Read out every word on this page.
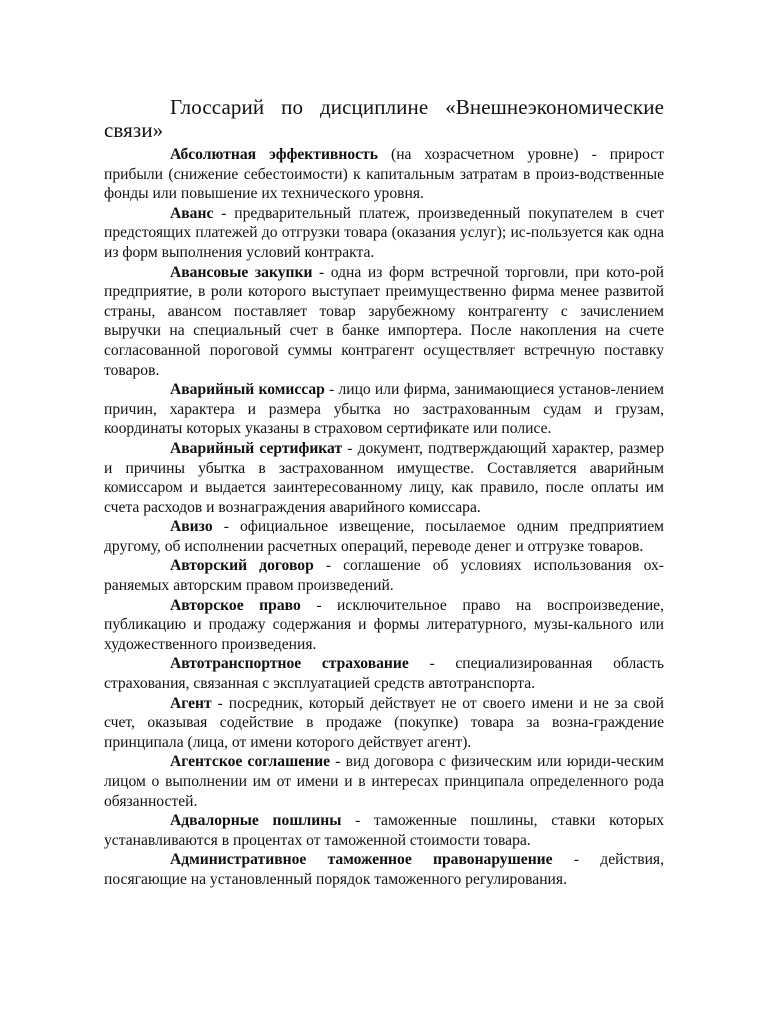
Глоссарий по дисциплине «Внешнеэкономические связи»

Абсолютная эффективность (на хозрасчетном уровне) - прирост прибыли (снижение себестоимости) к капитальным затратам в произ-водственные фонды или повышение их технического уровня.

Аванс - предварительный платеж, произведенный покупателем в счет предстоящих платежей до отгрузки товара (оказания услуг); ис-пользуется как одна из форм выполнения условий контракта.

Авансовые закупки - одна из форм встречной торговли, при кото-рой предприятие, в роли которого выступает преимущественно фирма менее развитой страны, авансом поставляет товар зарубежному контрагенту с зачислением выручки на специальный счет в банке импортера. После накопления на счете согласованной пороговой суммы контрагент осуществляет встречную поставку товаров.

Аварийный комиссар - лицо или фирма, занимающиеся установ-лением причин, характера и размера убытка но застрахованным судам и грузам, координаты которых указаны в страховом сертификате или полисе.

Аварийный сертификат - документ, подтверждающий характер, размер и причины убытка в застрахованном имуществе. Составляется аварийным комиссаром и выдается заинтересованному лицу, как правило, после оплаты им счета расходов и вознаграждения аварийного комиссара.

Авизо - официальное извещение, посылаемое одним предприятием другому, об исполнении расчетных операций, переводе денег и отгрузке товаров.

Авторский договор - соглашение об условиях использования ох-раняемых авторским правом произведений.

Авторское право - исключительное право на воспроизведение, публикацию и продажу содержания и формы литературного, музы-кального или художественного произведения.

Автотранспортное страхование - специализированная область страхования, связанная с эксплуатацией средств автотранспорта.

Агент - посредник, который действует не от своего имени и не за свой счет, оказывая содействие в продаже (покупке) товара за возна-граждение принципала (лица, от имени которого действует агент).

Агентское соглашение - вид договора с физическим или юриди-ческим лицом о выполнении им от имени и в интересах принципала определенного рода обязанностей.

Адвалорные пошлины - таможенные пошлины, ставки которых устанавливаются в процентах от таможенной стоимости товара.

Административное таможенное правонарушение - действия, посягающие на установленный порядок таможенного регулирования.
